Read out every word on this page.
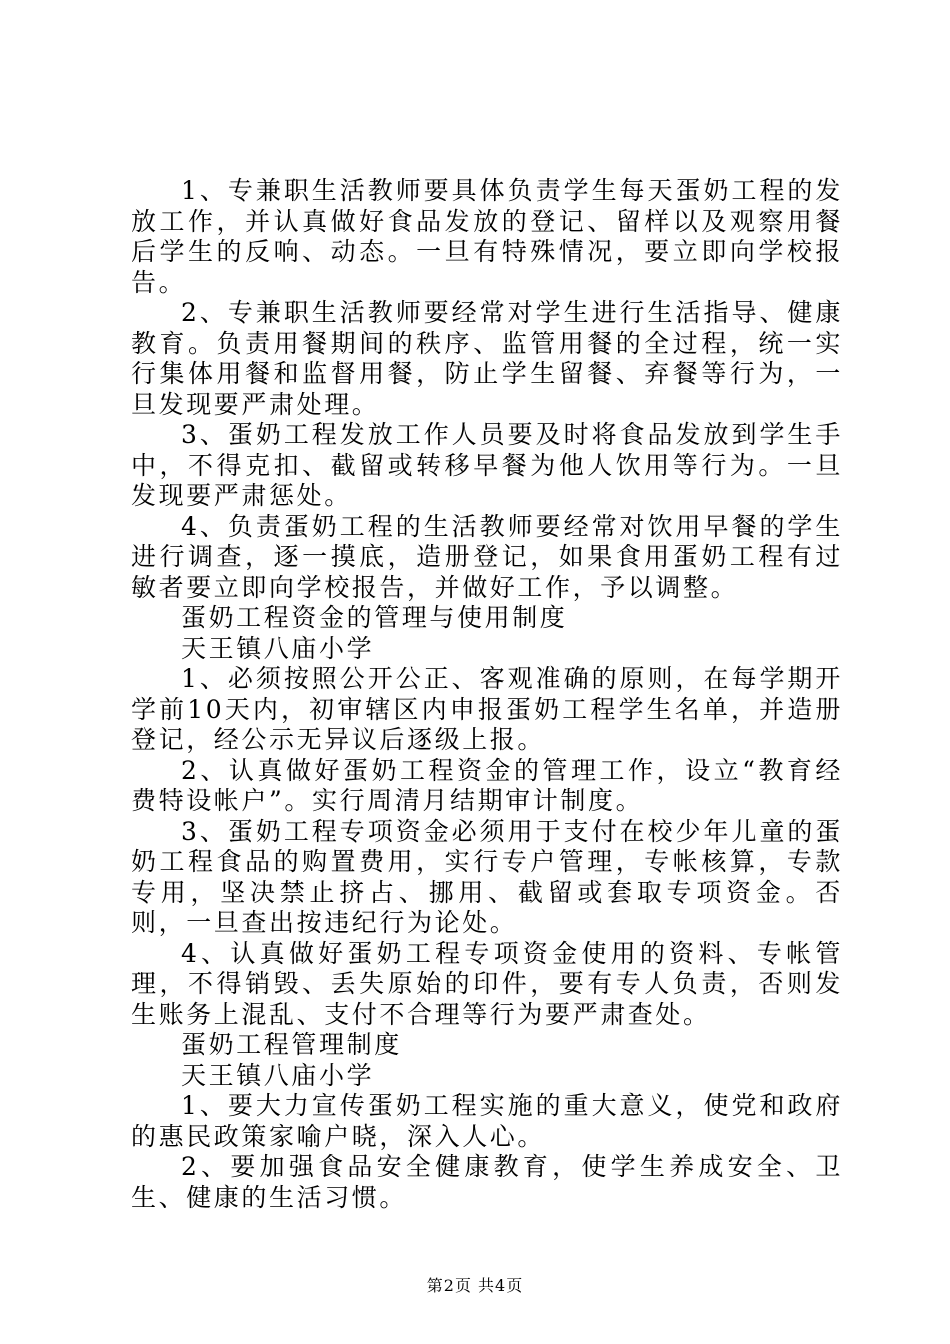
1、专兼职生活教师要具体负责学生每天蛋奶工程的发放工作，并认真做好食品发放的登记、留样以及观察用餐后学生的反响、动态。一旦有特殊情况，要立即向学校报告。

2、专兼职生活教师要经常对学生进行生活指导、健康教育。负责用餐期间的秩序、监管用餐的全过程，统一实行集体用餐和监督用餐，防止学生留餐、弃餐等行为，一旦发现要严肃处理。

3、蛋奶工程发放工作人员要及时将食品发放到学生手中，不得克扣、截留或转移早餐为他人饮用等行为。一旦发现要严肃惩处。

4、负责蛋奶工程的生活教师要经常对饮用早餐的学生进行调查，逐一摸底，造册登记，如果食用蛋奶工程有过敏者要立即向学校报告，并做好工作，予以调整。

蛋奶工程资金的管理与使用制度

天王镇八庙小学

1、必须按照公开公正、客观准确的原则，在每学期开学前10天内，初审辖区内申报蛋奶工程学生名单，并造册登记，经公示无异议后逐级上报。

2、认真做好蛋奶工程资金的管理工作，设立“教育经费特设帐户”。实行周清月结期审计制度。

3、蛋奶工程专项资金必须用于支付在校少年儿童的蛋奶工程食品的购置费用，实行专户管理，专帐核算，专款专用，坚决禁止挤占、挪用、截留或套取专项资金。否则，一旦查出按违纪行为论处。

4、认真做好蛋奶工程专项资金使用的资料、专帐管理，不得销毁、丢失原始的印件，要有专人负责，否则发生账务上混乱、支付不合理等行为要严肃查处。

蛋奶工程管理制度

天王镇八庙小学

1、要大力宣传蛋奶工程实施的重大意义，使党和政府的惠民政策家喻户晓，深入人心。

2、要加强食品安全健康教育，使学生养成安全、卫生、健康的生活习惯。

第2页 共4页
